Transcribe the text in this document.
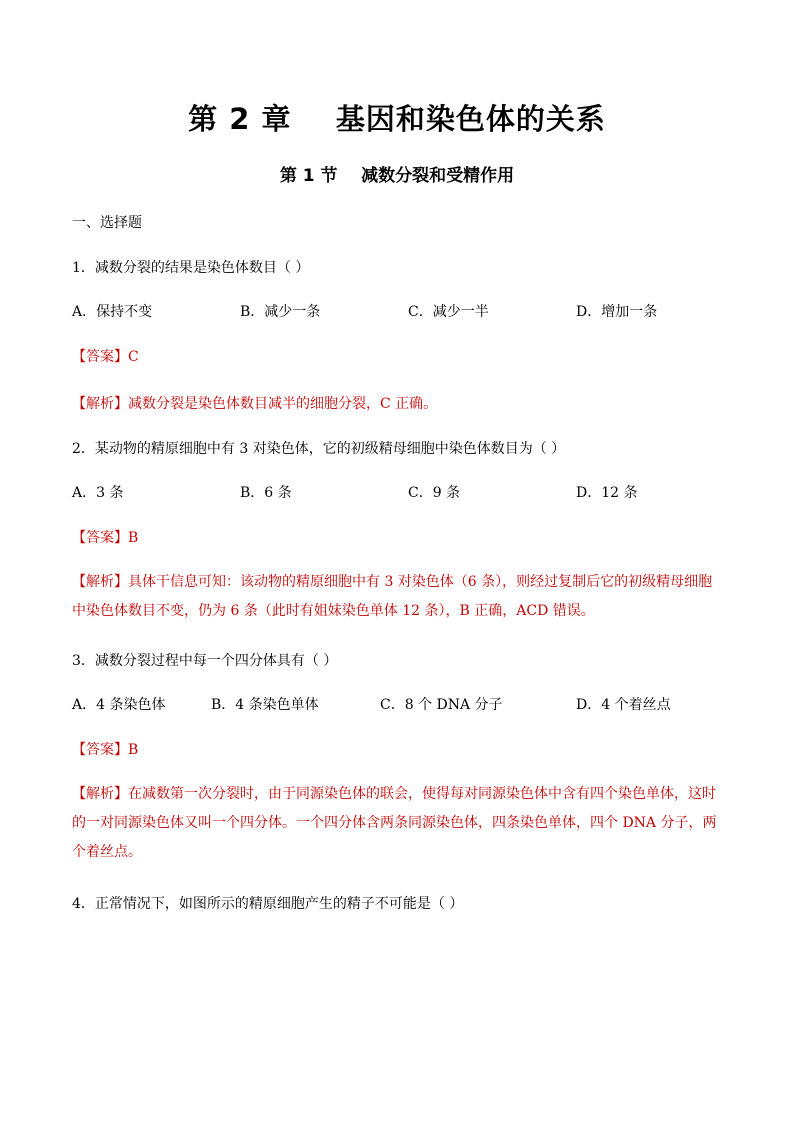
第 2 章    基因和染色体的关系
第 1 节    减数分裂和受精作用
一、选择题
1．减数分裂的结果是染色体数目（ ）
A．保持不变	B．减少一条	C．减少一半	D．增加一条
【答案】C
【解析】减数分裂是染色体数目减半的细胞分裂，C 正确。
2．某动物的精原细胞中有 3 对染色体，它的初级精母细胞中染色体数目为（ ）
A．3 条	B．6 条	C．9 条	D．12 条
【答案】B
【解析】具体干信息可知：该动物的精原细胞中有 3 对染色体（6 条），则经过复制后它的初级精母细胞中染色体数目不变，仍为 6 条（此时有姐妹染色单体 12 条），B 正确，ACD 错误。
3．减数分裂过程中每一个四分体具有（ ）
A．4 条染色体	B．4 条染色单体	C．8 个 DNA 分子	D．4 个着丝点
【答案】B
【解析】在减数第一次分裂时，由于同源染色体的联会，使得每对同源染色体中含有四个染色单体，这时的一对同源染色体又叫一个四分体。一个四分体含两条同源染色体，四条染色单体，四个 DNA 分子，两个着丝点。
4．正常情况下，如图所示的精原细胞产生的精子不可能是（ ）
